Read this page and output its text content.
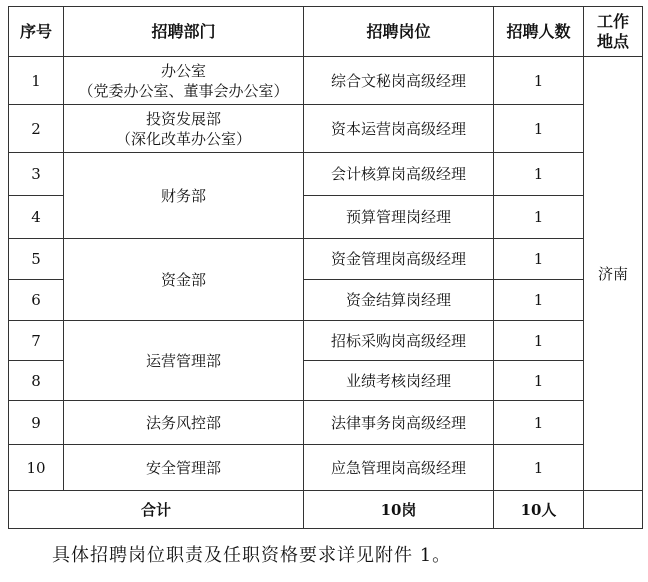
序号	招聘部门	招聘岗位	招聘人数	工作
地点

1	办公室
（党委办公室、董事会办公室）	综合文秘岗高级经理	1	济南
2	投资发展部
（深化改革办公室）	资本运营岗高级经理	1	
3	财务部	会计核算岗高级经理	1	
4		预算管理岗经理	1	
5	资金部	资金管理岗高级经理	1	
6		资金结算岗经理	1	
7	运营管理部	招标采购岗高级经理	1	
8		业绩考核岗经理	1	
9	法务风控部	法律事务岗高级经理	1	
10	安全管理部	应急管理岗高级经理	1	
合计		10岗	10人	
具体招聘岗位职责及任职资格要求详见附件 1。
